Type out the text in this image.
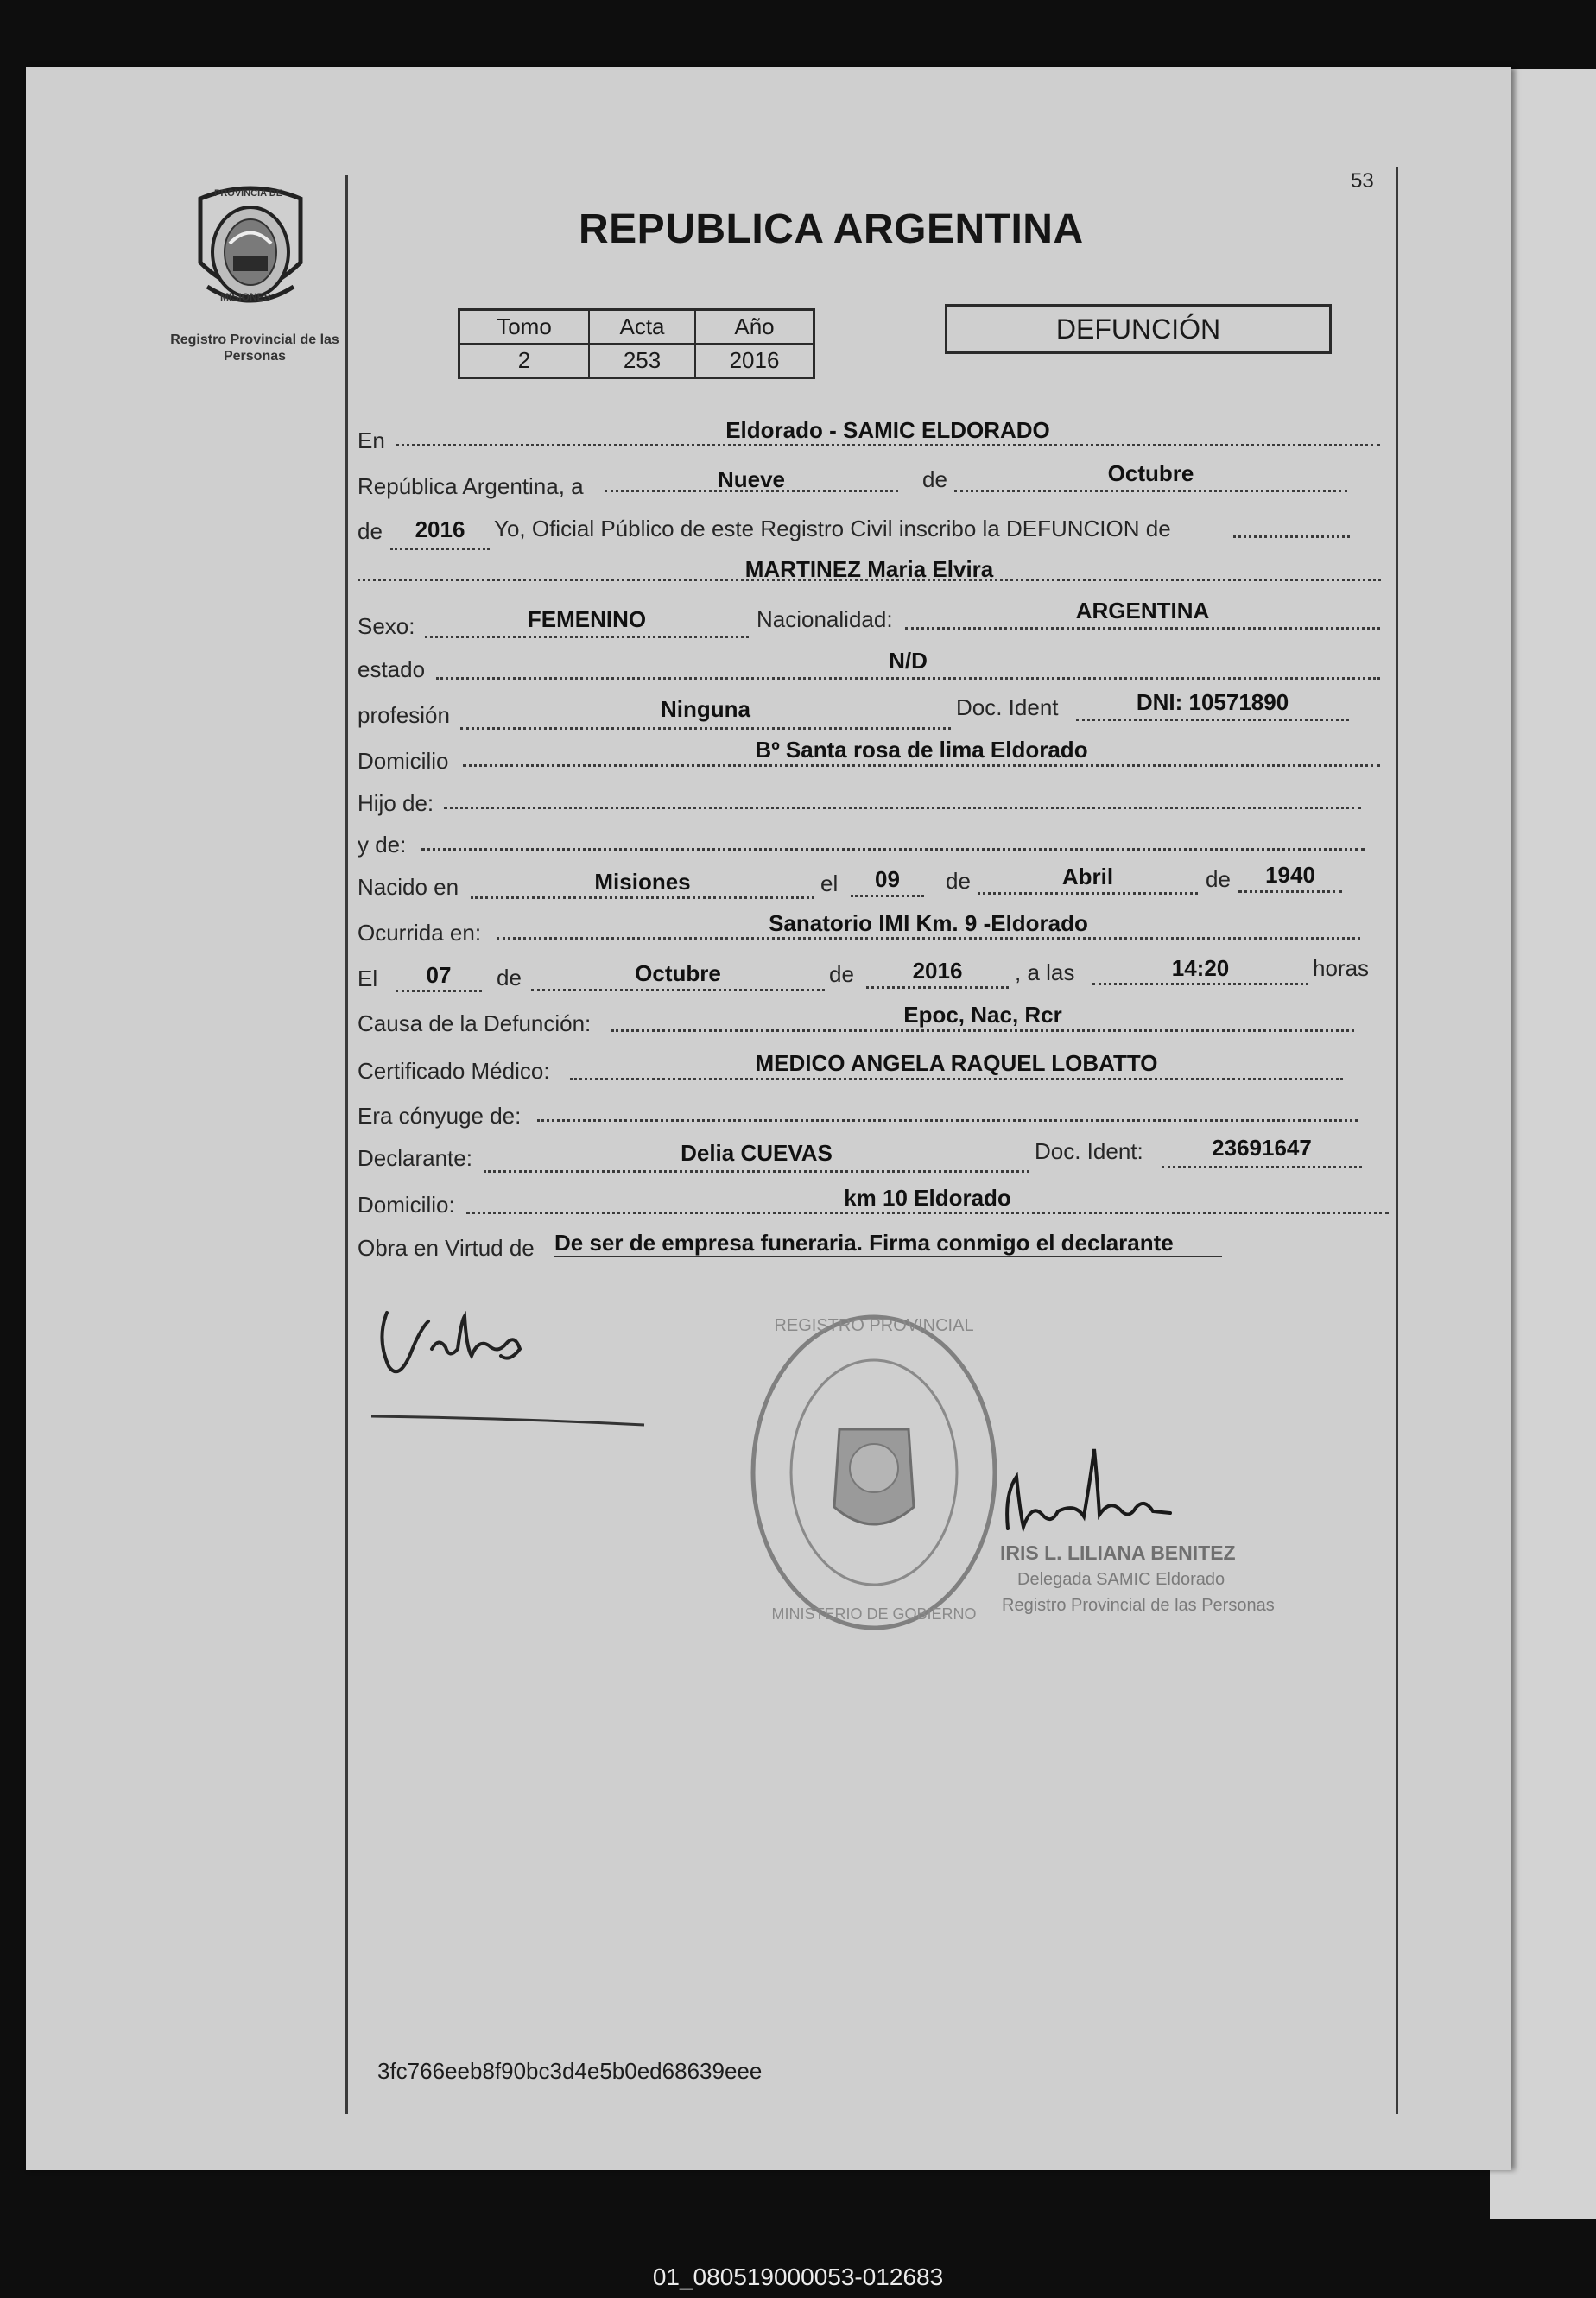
53
PROVINCIA DE
MISIONES
Registro Provincial de las Personas
REPUBLICA ARGENTINA
Tomo	Acta	Año
2	253	2016
DEFUNCIÓN
En	Eldorado - SAMIC ELDORADO
República Argentina, a	Nueve	de	Octubre
de	2016	Yo, Oficial Público de este Registro Civil inscribo la DEFUNCION de
MARTINEZ Maria Elvira
Sexo:	FEMENINO	Nacionalidad:	ARGENTINA
estado	N/D
profesión	Ninguna	Doc. Ident	DNI: 10571890
Domicilio	Bº Santa rosa de lima Eldorado
Hijo de:
y de:
Nacido en	Misiones	el	09	de	Abril	de	1940
Ocurrida en:	Sanatorio IMI Km. 9 -Eldorado
El	07	de	Octubre	de	2016	, a las	14:20	horas
Causa de la Defunción:	Epoc, Nac, Rcr
Certificado Médico:	MEDICO ANGELA RAQUEL LOBATTO
Era cónyuge de:
Declarante:	Delia CUEVAS	Doc. Ident:	23691647
Domicilio:	km 10 Eldorado
Obra en Virtud de De ser de empresa funeraria. Firma conmigo el declarante
REGISTRO PROVINCIAL
MINISTERIO DE GOBIERNO
IRIS L. LILIANA BENITEZ
Delegada SAMIC Eldorado
Registro Provincial de las Personas
3fc766eeb8f90bc3d4e5b0ed68639eee
01_080519000053-012683
